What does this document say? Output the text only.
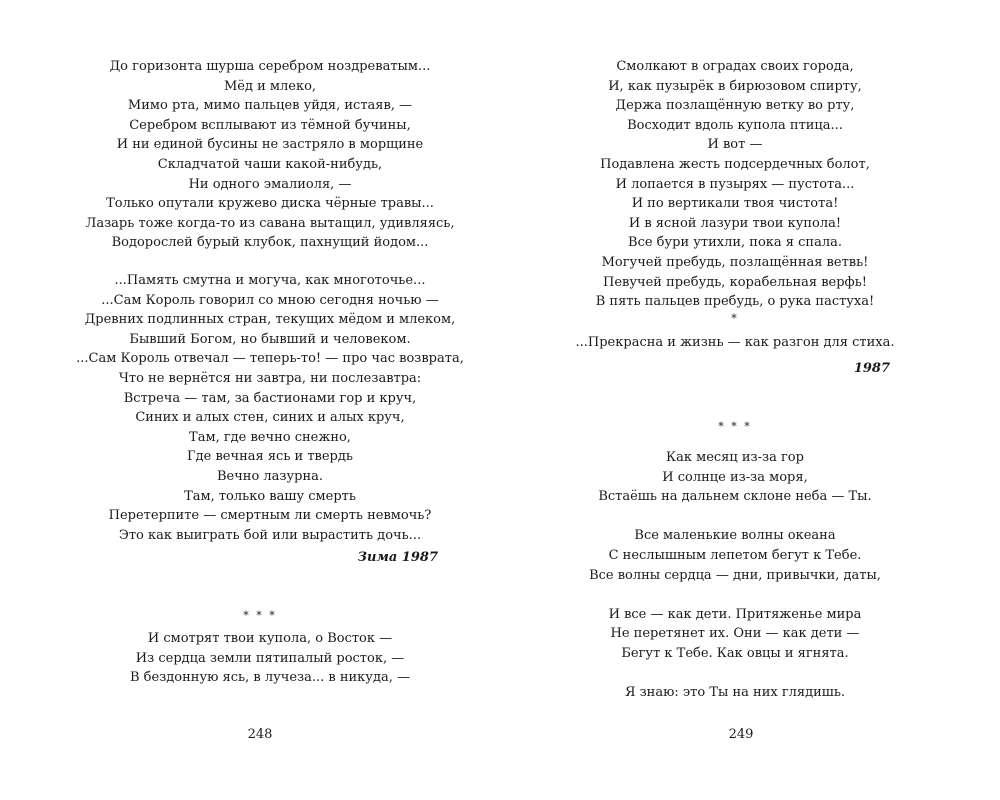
До горизонта шурша серебром ноздреватым...
Мёд и млеко,
Мимо рта, мимо пальцев уйдя, истаяв, —
Серебром всплывают из тёмной бучины,
И ни единой бусины не застряло в морщине
Складчатой чаши какой-нибудь,
Ни одного эмалиоля, —
Только опутали кружево диска чёрные травы...
Лазарь тоже когда-то из савана вытащил, удивляясь,
Водорослей бурый клубок, пахнущий йодом...
...Память смутна и могуча, как многоточье...
...Сам Король говорил со мною сегодня ночью —
Древних подлинных стран, текущих мёдом и млеком,
Бывший Богом, но бывший и человеком.
...Сам Король отвечал — теперь-то! — про час возврата,
Что не вернётся ни завтра, ни послезавтра:
Встреча — там, за бастионами гор и круч,
Синих и алых стен, синих и алых круч,
Там, где вечно снежно,
Где вечная ясь и твердь
Вечно лазурна.
Там, только вашу смерть
Перетерпите — смертным ли смерть невмочь?
Это как выиграть бой или вырастить дочь...
Зима 1987
* * *
И смотрят твои купола, о Восток —
Из сердца земли пятипалый росток, —
В бездонную ясь, в лучеза... в никуда, —
248
Смолкают в оградах своих города,
И, как пузырёк в бирюзовом спирту,
Держа позлащённую ветку во рту,
Восходит вдоль купола птица...
И вот —
Подавлена жесть подсердечных болот,
И лопается в пузырях — пустота...
И по вертикали твоя чистота!
И в ясной лазури твои купола!
Все бури утихли, пока я спала.
Могучей пребудь, позлащённая ветвь!
Певучей пребудь, корабельная верфь!
В пять пальцев пребудь, о рука пастуха!
*
...Прекрасна и жизнь — как разгон для стиха.
1987
* * *
Как месяц из-за гор
И солнце из-за моря,
Встаёшь на дальнем склоне неба — Ты.
Все маленькие волны океана
С неслышным лепетом бегут к Тебе.
Все волны сердца — дни, привычки, даты,
И все — как дети. Притяженье мира
Не перетянет их. Они — как дети —
Бегут к Тебе. Как овцы и ягнята.
Я знаю: это Ты на них глядишь.
249
